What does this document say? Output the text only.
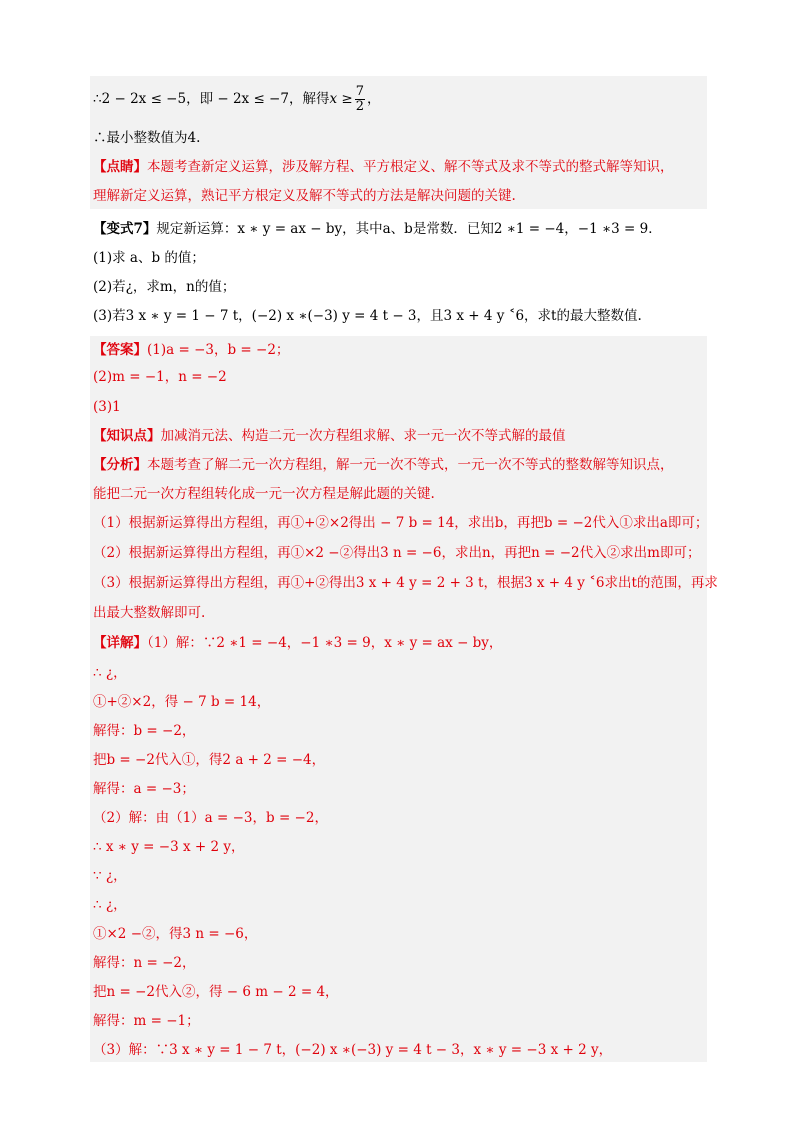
∴2 − 2x ≤ −5，即 − 2x ≤ −7，解得$x \ge \frac{7}{2}$ ，
∴最小整数值为4.
【点睛】本题考查新定义运算，涉及解方程、平方根定义、解不等式及求不等式的整式解等知识，
理解新定义运算，熟记平方根定义及解不等式的方法是解决问题的关键.
【变式7】规定新运算：x ∗ y = ax − by，其中a、b是常数．已知2 ∗1 = −4，−1 ∗3 = 9．
(1)求 a、b 的值；
(2)若¿，求m，n的值；
(3)若3 x ∗ y = 1 − 7 t，(−2) x ∗(−3) y = 4 t − 3，且3 x + 4 y ˂6，求t的最大整数值.
【答案】(1)a = −3，b = −2；
(2)m = −1，n = −2
(3)1
【知识点】加减消元法、构造二元一次方程组求解、求一元一次不等式解的最值
【分析】本题考查了解二元一次方程组，解一元一次不等式，一元一次不等式的整数解等知识点，
能把二元一次方程组转化成一元一次方程是解此题的关键.
（1）根据新运算得出方程组，再①+②×2得出 − 7 b = 14，求出b，再把b = −2代入①求出a即可；
（2）根据新运算得出方程组，再①×2 −②得出3 n = −6，求出n，再把n = −2代入②求出m即可；
（3）根据新运算得出方程组，再①+②得出3 x + 4 y = 2 + 3 t，根据3 x + 4 y ˂6求出t的范围，再求
出最大整数解即可.
【详解】（1）解：∵2 ∗1 = −4，−1 ∗3 = 9，x ∗ y = ax − by，
∴ ¿，
①+②×2，得 − 7 b = 14，
解得：b = −2，
把b = −2代入①，得2 a + 2 = −4，
解得：a = −3；
（2）解：由（1）a = −3，b = −2，
∴ x ∗ y = −3 x + 2 y，
∵ ¿，
∴ ¿，
①×2 −②，得3 n = −6，
解得：n = −2，
把n = −2代入②，得 − 6 m − 2 = 4，
解得：m = −1；
（3）解：∵3 x ∗ y = 1 − 7 t，(−2) x ∗(−3) y = 4 t − 3，x ∗ y = −3 x + 2 y，
